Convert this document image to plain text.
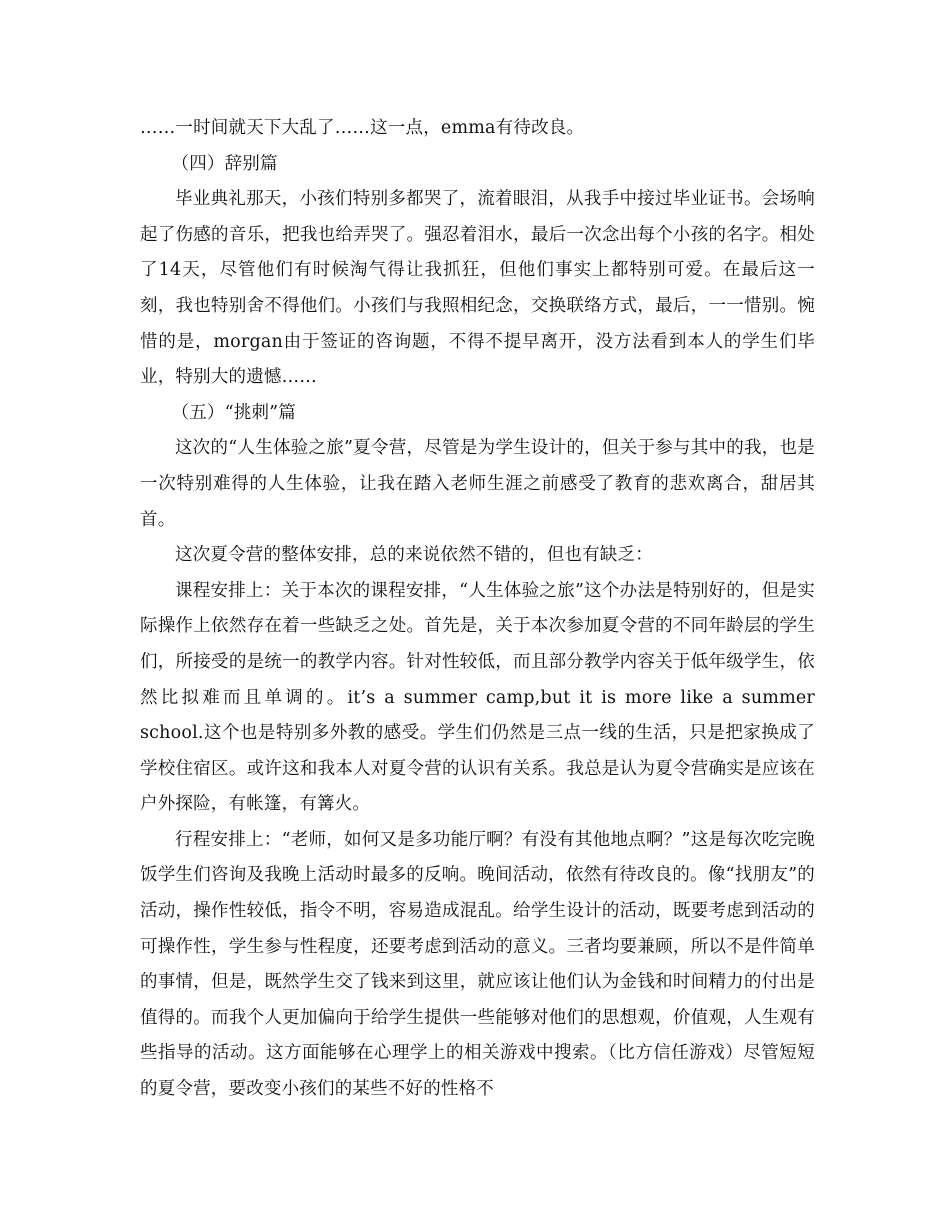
……一时间就天下大乱了……这一点，emma有待改良。

（四）辞别篇

毕业典礼那天，小孩们特别多都哭了，流着眼泪，从我手中接过毕业证书。会场响起了伤感的音乐，把我也给弄哭了。强忍着泪水，最后一次念出每个小孩的名字。相处了14天，尽管他们有时候淘气得让我抓狂，但他们事实上都特别可爱。在最后这一刻，我也特别舍不得他们。小孩们与我照相纪念，交换联络方式，最后，一一惜别。惋惜的是，morgan由于签证的咨询题，不得不提早离开，没方法看到本人的学生们毕业，特别大的遗憾……

（五）“挑刺”篇

这次的“人生体验之旅”夏令营，尽管是为学生设计的，但关于参与其中的我，也是一次特别难得的人生体验，让我在踏入老师生涯之前感受了教育的悲欢离合，甜居其首。

这次夏令营的整体安排，总的来说依然不错的，但也有缺乏：

课程安排上：关于本次的课程安排，“人生体验之旅”这个办法是特别好的，但是实际操作上依然存在着一些缺乏之处。首先是，关于本次参加夏令营的不同年龄层的学生们，所接受的是统一的教学内容。针对性较低，而且部分教学内容关于低年级学生，依然比拟难而且单调的。it’s a summer camp,but it is more like a summer school.这个也是特别多外教的感受。学生们仍然是三点一线的生活，只是把家换成了学校住宿区。或许这和我本人对夏令营的认识有关系。我总是认为夏令营确实是应该在户外探险，有帐篷，有篝火。

行程安排上：“老师，如何又是多功能厅啊？有没有其他地点啊？”这是每次吃完晚饭学生们咨询及我晚上活动时最多的反响。晚间活动，依然有待改良的。像“找朋友”的活动，操作性较低，指令不明，容易造成混乱。给学生设计的活动，既要考虑到活动的可操作性，学生参与性程度，还要考虑到活动的意义。三者均要兼顾，所以不是件简单的事情，但是，既然学生交了钱来到这里，就应该让他们认为金钱和时间精力的付出是值得的。而我个人更加偏向于给学生提供一些能够对他们的思想观，价值观，人生观有些指导的活动。这方面能够在心理学上的相关游戏中搜索。（比方信任游戏）尽管短短的夏令营，要改变小孩们的某些不好的性格不
